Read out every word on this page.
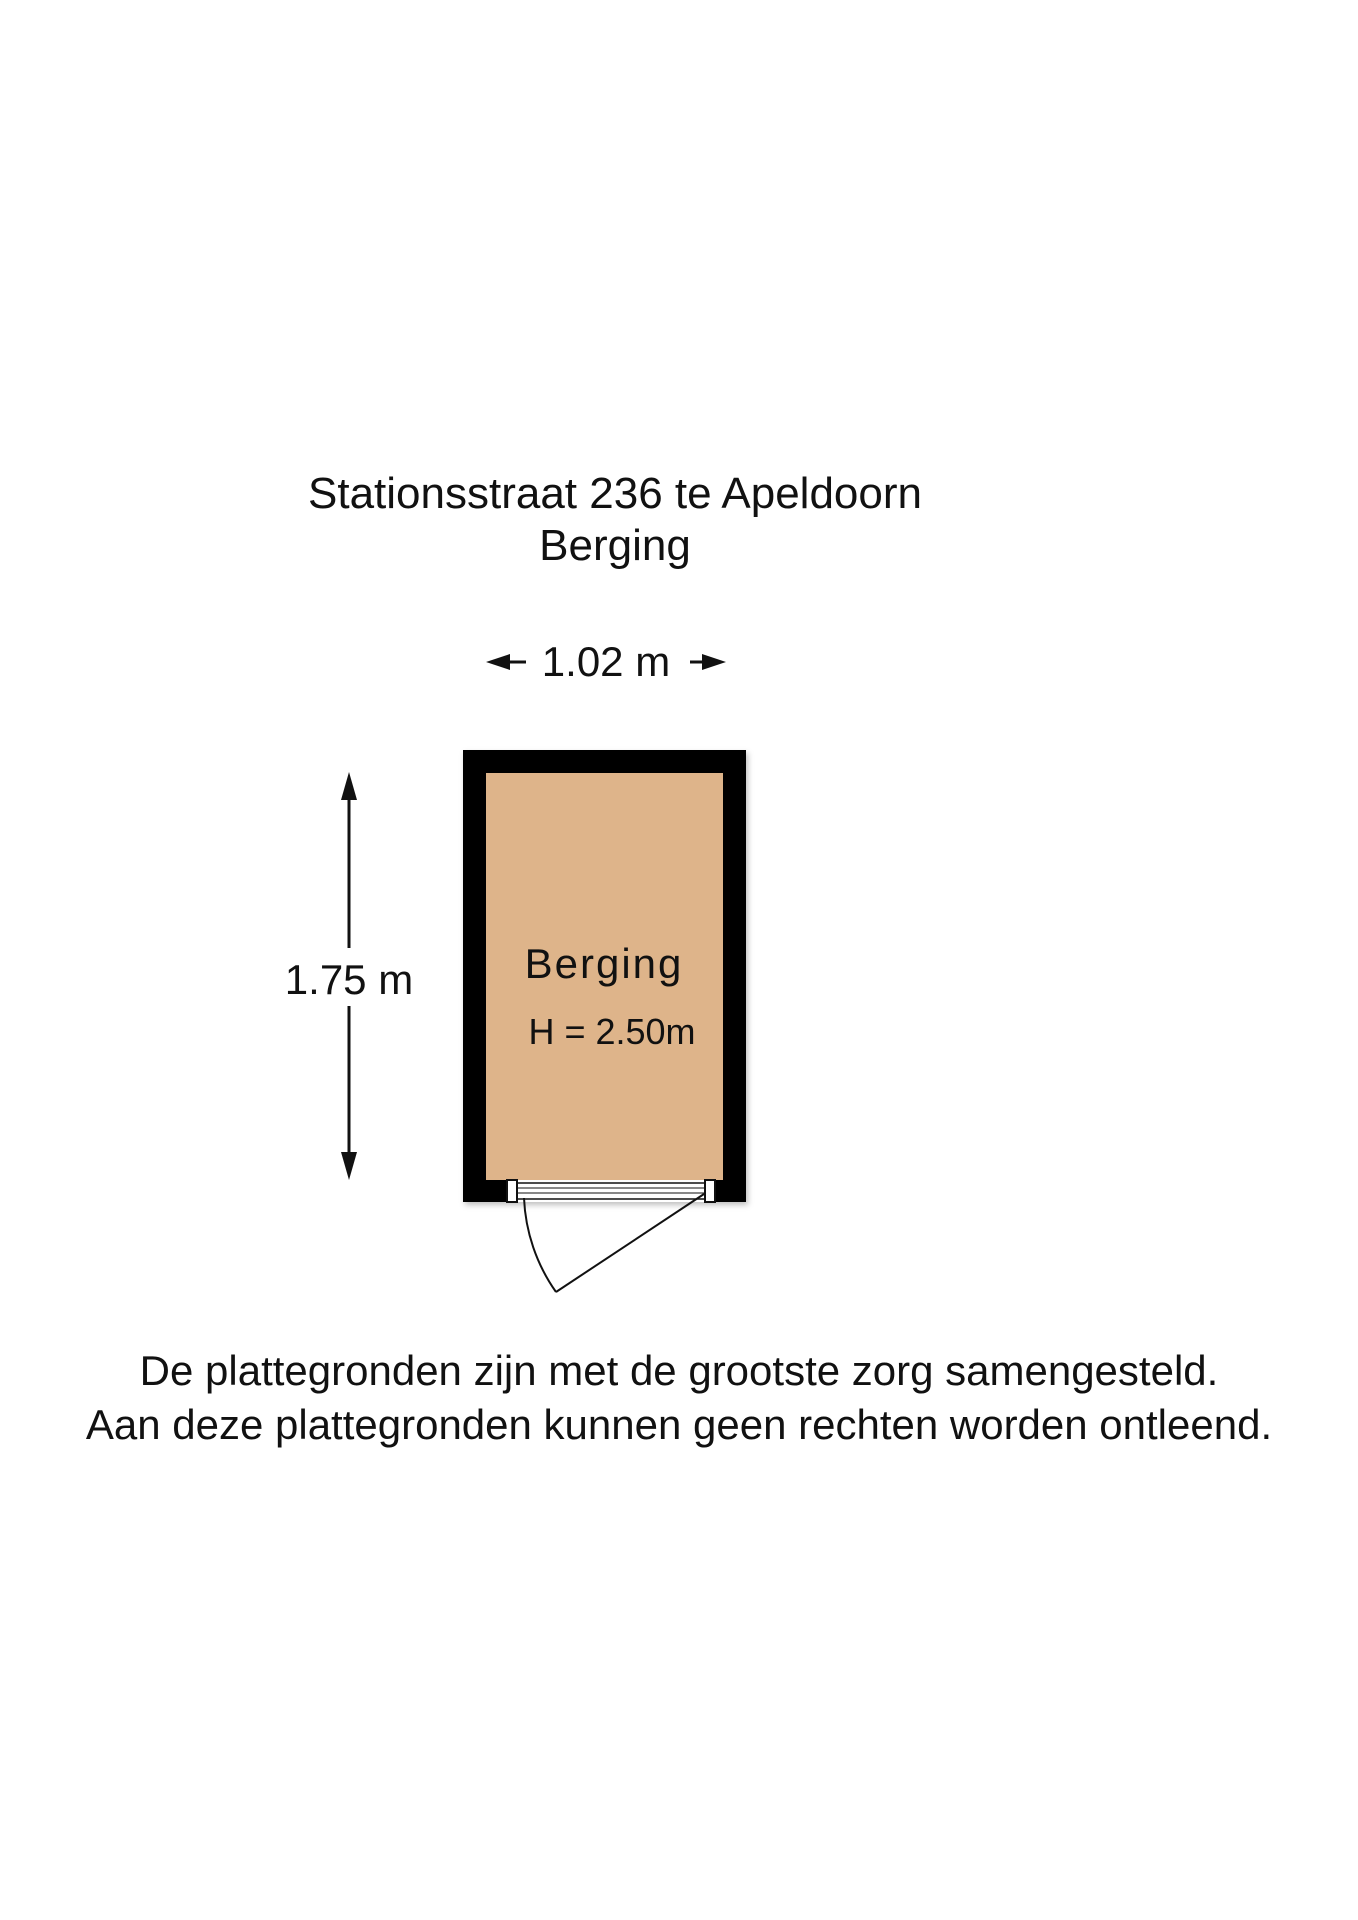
Stationsstraat 236 te Apeldoorn
Berging
1.02 m
1.75 m	Berging
H = 2.50m
De plattegronden zijn met de grootste zorg samengesteld.
Aan deze plattegronden kunnen geen rechten worden ontleend.
